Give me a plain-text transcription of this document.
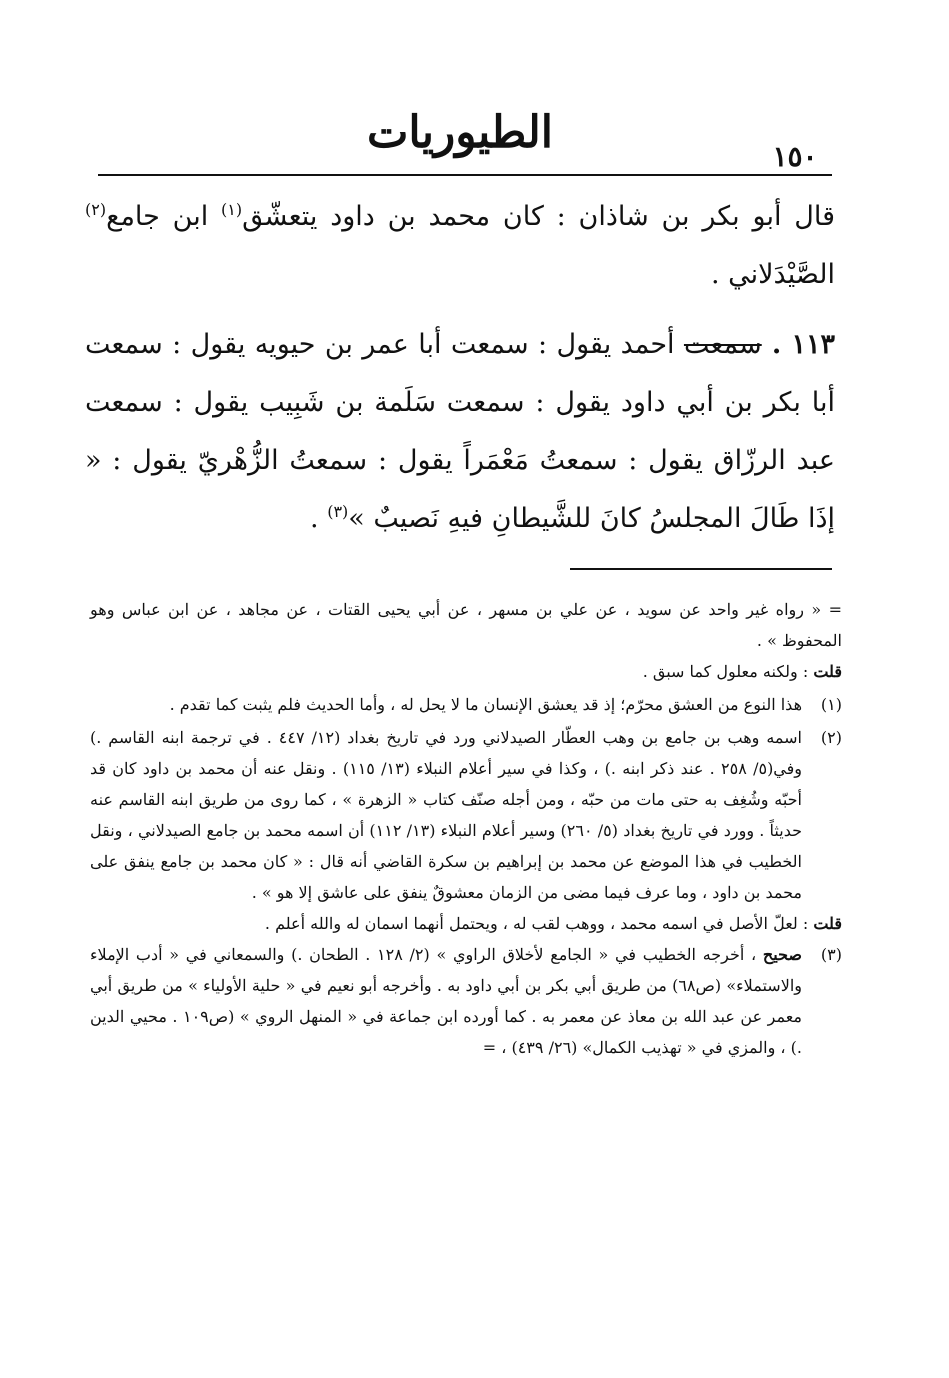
الطيوريات	١٥٠

قال أبو بكر بن شاذان : كان محمد بن داود يتعشّق$^{(١)}$ ابن جامع$^{(٢)}$ الصَّيْدَلاني .

١١٣ . سمعت أحمد يقول : سمعت أبا عمر بن حيويه يقول : سمعت أبا بكر بن أبي داود يقول : سمعت سَلَمة بن شَبِيب يقول : سمعت عبد الرزّاق يقول : سمعتُ مَعْمَراً يقول : سمعتُ الزُّهْريّ يقول : « إذَا طَالَ المجلسُ كانَ للشَّيطانِ فيهِ نَصيبٌ »$^{(٣)}$ .

= « رواه غير واحد عن سويد ، عن علي بن مسهر ، عن أبي يحيى القتات ، عن مجاهد ، عن ابن عباس وهو المحفوظ » .

قلت : ولكنه معلول كما سبق .

(١)
هذا النوع من العشق محرّم؛ إذ قد يعشق الإنسان ما لا يحل له ، وأما الحديث فلم يثبت كما تقدم .

(٢)
اسمه وهب بن جامع بن وهب العطّار الصيدلاني ورد في تاريخ بغداد (١٢/ ٤٤٧ . في ترجمة ابنه القاسم .) وفي(٥/ ٢٥٨ . عند ذكر ابنه .) ، وكذا في سير أعلام النبلاء (١٣/ ١١٥) . ونقل عنه أن محمد بن داود كان قد أحبّه وشُغِف به حتى مات من حبّه ، ومن أجله صنّف كتاب « الزهرة » ، كما روى من طريق ابنه القاسم عنه حديثاً . وورد في تاريخ بغداد (٥/ ٢٦٠) وسير أعلام النبلاء (١٣/ ١١٢) أن اسمه محمد بن جامع الصيدلاني ، ونقل الخطيب في هذا الموضع عن محمد بن إبراهيم بن سكرة القاضي أنه قال : « كان محمد بن جامع ينفق على محمد بن داود ، وما عرف فيما مضى من الزمان معشوقٌ ينفق على عاشق إلا هو » .

قلت : لعلّ الأصل في اسمه محمد ، ووهب لقب له ، ويحتمل أنهما اسمان له والله أعلم .

(٣)
صحيح ، أخرجه الخطيب في « الجامع لأخلاق الراوي » (٢/ ١٢٨ . الطحان .) والسمعاني في « أدب الإملاء والاستملاء» (ص٦٨) من طريق أبي بكر بن أبي داود به . وأخرجه أبو نعيم في « حلية الأولياء » من طريق أبي معمر عن عبد الله بن معاذ عن معمر به . كما أورده ابن جماعة في « المنهل الروي » (ص١٠٩ . محيي الدين .) ، والمزي في « تهذيب الكمال» (٢٦/ ٤٣٩) ، =
